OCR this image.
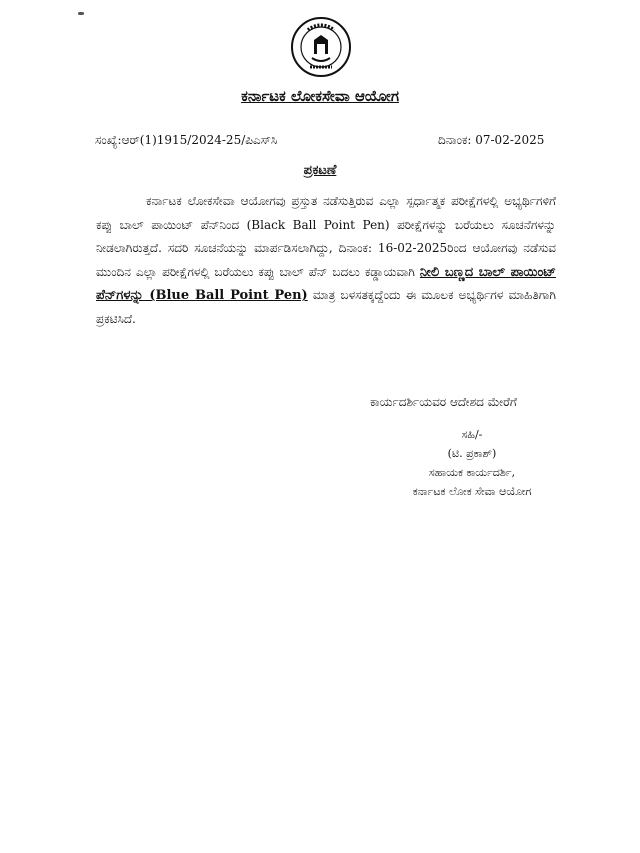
ಕರ್ನಾಟಕ ಲೋಕಸೇವಾ ಆಯೋಗ
ಸಂಖ್ಯೆ:ಆರ್(1)1915/2024-25/ಪಿಎಸ್‌ಸಿ	ದಿನಾಂಕ: 07-02-2025
ಪ್ರಕಟಣೆ
ಕರ್ನಾಟಕ ಲೋಕಸೇವಾ ಆಯೋಗವು ಪ್ರಸ್ತುತ ನಡೆಸುತ್ತಿರುವ ಎಲ್ಲಾ ಸ್ಪರ್ಧಾತ್ಮಕ ಪರೀಕ್ಷೆಗಳಲ್ಲಿ ಅಭ್ಯರ್ಥಿಗಳಿಗೆ ಕಪ್ಪು ಬಾಲ್ ಪಾಯಿಂಟ್ ಪೆನ್‌ನಿಂದ (Black Ball Point Pen) ಪರೀಕ್ಷೆಗಳನ್ನು ಬರೆಯಲು ಸೂಚನೆಗಳನ್ನು ನೀಡಲಾಗಿರುತ್ತದೆ. ಸದರಿ ಸೂಚನೆಯನ್ನು ಮಾರ್ಪಡಿಸಲಾಗಿದ್ದು, ದಿನಾಂಕ: 16-02-2025ರಿಂದ ಆಯೋಗವು ನಡೆಸುವ ಮುಂದಿನ ಎಲ್ಲಾ ಪರೀಕ್ಷೆಗಳಲ್ಲಿ ಬರೆಯಲು ಕಪ್ಪು ಬಾಲ್ ಪೆನ್ ಬದಲು ಕಡ್ಡಾಯವಾಗಿ ನೀಲಿ ಬಣ್ಣದ ಬಾಲ್ ಪಾಯಿಂಟ್ ಪೆನ್‌ಗಳನ್ನು (Blue Ball Point Pen) ಮಾತ್ರ ಬಳಸತಕ್ಕದ್ದೆಂದು ಈ ಮೂಲಕ ಅಭ್ಯರ್ಥಿಗಳ ಮಾಹಿತಿಗಾಗಿ ಪ್ರಕಟಿಸಿದೆ.
ಕಾರ್ಯದರ್ಶಿಯವರ ಆದೇಶದ ಮೇರೆಗೆ
ಸಹಿ/-
(ಟಿ. ಪ್ರಕಾಶ್)
ಸಹಾಯಕ ಕಾರ್ಯದರ್ಶಿ,
ಕರ್ನಾಟಕ ಲೋಕ ಸೇವಾ ಆಯೋಗ
